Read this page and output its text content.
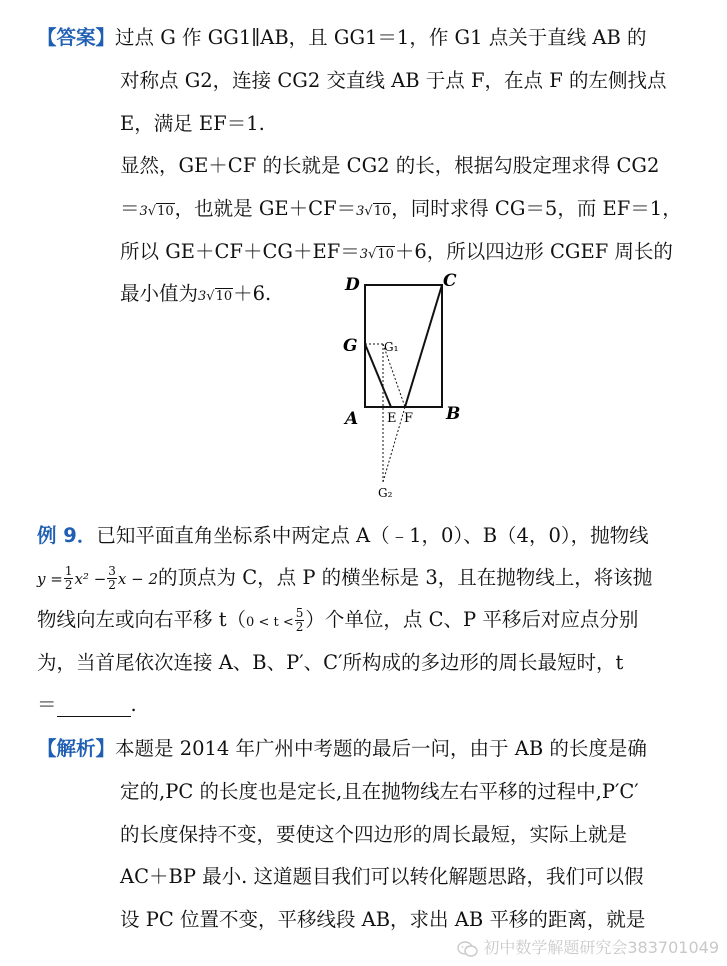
【答案】过点 G 作 GG1∥AB，且 GG1＝1，作 G1 点关于直线 AB 的
对称点 G2，连接 CG2 交直线 AB 于点 F，在点 F 的左侧找点
E，满足 EF＝1.
显然，GE＋CF 的长就是 CG2 的长，根据勾股定理求得 CG2
＝3√10，也就是 GE＋CF＝3√10，同时求得 CG＝5，而 EF＝1，
所以 GE＋CF＋CG＋EF＝3√10＋6，所以四边形 CGEF 周长的
最小值为3√10＋6.	D	C
G G₁
A E F B
G₂
例 9．已知平面直角坐标系中两定点 A（﹣1，0）、B（4，0），抛物线
$y = \frac{1}{2} x^2 - \frac{3}{2}$ x − 2的顶点为 C，点 P 的横坐标是 3，且在抛物线上，将该抛
物线向左或向右平移 $t(0 < t < \frac{5}{2}$ ）个单位，点 C、P 平移后对应点分别
为，当首尾依次连接 A、B、P′、C′所构成的多边形的周长最短时，t
＝	.
【解析】本题是 2014 年广州中考题的最后一问，由于 AB 的长度是确
定的,PC 的长度也是定长,且在抛物线左右平移的过程中,P′C′
的长度保持不变，要使这个四边形的周长最短，实际上就是
AC＋BP 最小. 这道题目我们可以转化解题思路，我们可以假
设 PC 位置不变，平移线段 AB，求出 AB 平移的距离，就是
初中数学解题研究会383701049
